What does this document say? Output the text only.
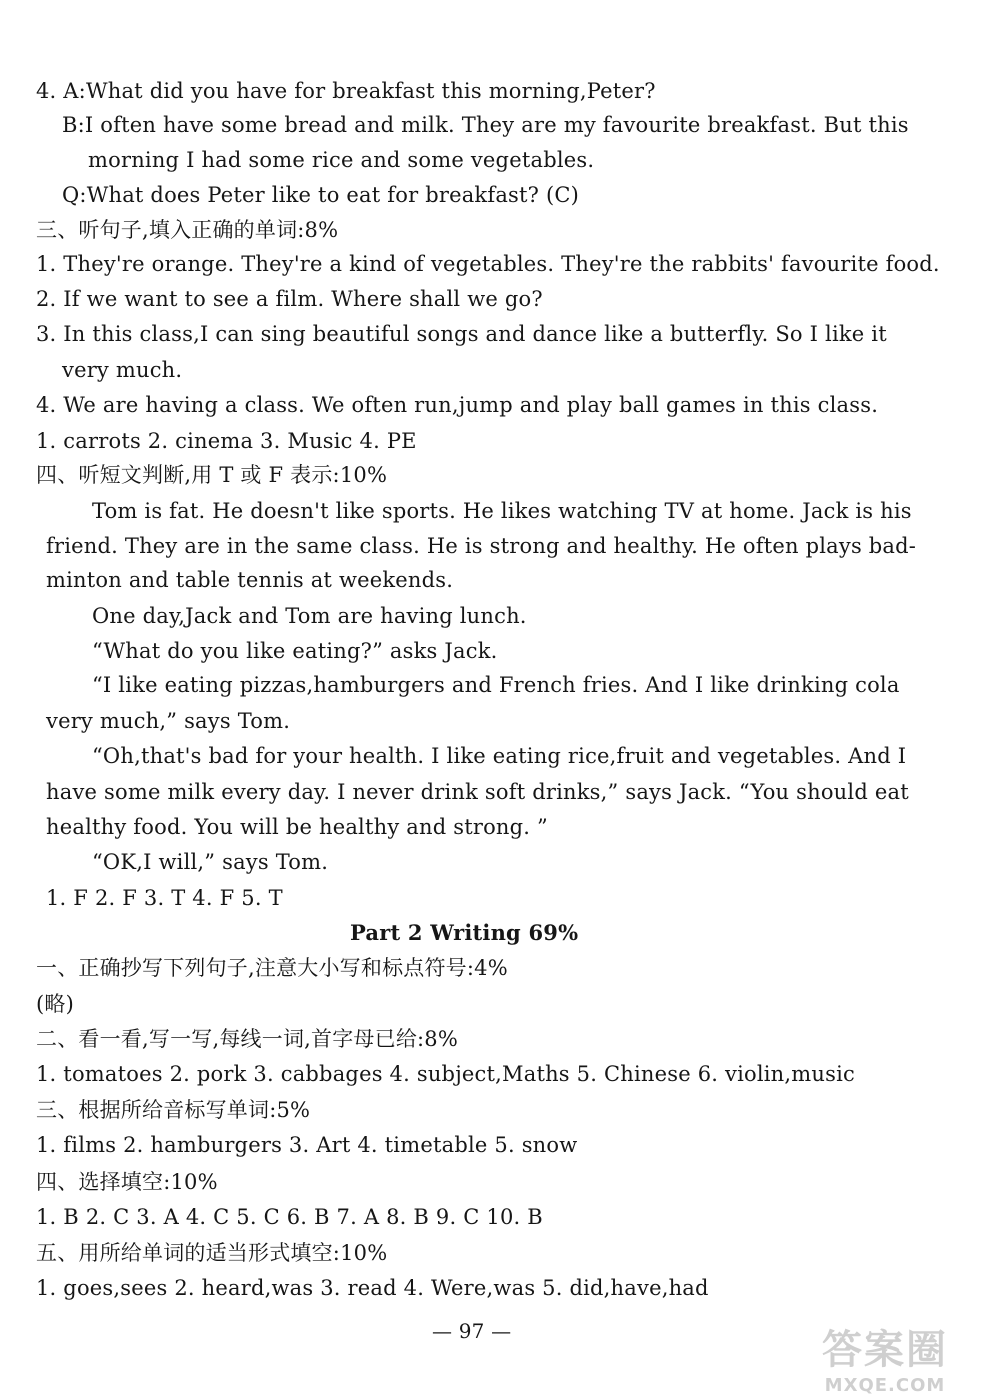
4. A:What did you have for breakfast this morning,Peter?
B:I often have some bread and milk. They are my favourite breakfast. But this
morning I had some rice and some vegetables.
Q:What does Peter like to eat for breakfast? (C)
三、听句子,填入正确的单词:8%
1. They're orange. They're a kind of vegetables. They're the rabbits' favourite food.
2. If we want to see a film. Where shall we go?
3. In this class,I can sing beautiful songs and dance like a butterfly. So I like it
very much.
4. We are having a class. We often run,jump and play ball games in this class.
1. carrots 2. cinema 3. Music 4. PE
四、听短文判断,用 T 或 F 表示:10%
Tom is fat. He doesn't like sports. He likes watching TV at home. Jack is his
friend. They are in the same class. He is strong and healthy. He often plays bad-
minton and table tennis at weekends.
One day,Jack and Tom are having lunch.
“What do you like eating?” asks Jack.
“I like eating pizzas,hamburgers and French fries. And I like drinking cola
very much,” says Tom.
“Oh,that's bad for your health. I like eating rice,fruit and vegetables. And I
have some milk every day. I never drink soft drinks,” says Jack. “You should eat
healthy food. You will be healthy and strong. ”
“OK,I will,” says Tom.
1. F 2. F 3. T 4. F 5. T
Part 2 Writing 69%
一、正确抄写下列句子,注意大小写和标点符号:4%
(略)
二、看一看,写一写,每线一词,首字母已给:8%
1. tomatoes 2. pork 3. cabbages 4. subject,Maths 5. Chinese 6. violin,music
三、根据所给音标写单词:5%
1. films 2. hamburgers 3. Art 4. timetable 5. snow
四、选择填空:10%
1. B 2. C 3. A 4. C 5. C 6. B 7. A 8. B 9. C 10. B
五、用所给单词的适当形式填空:10%
1. goes,sees 2. heard,was 3. read 4. Were,was 5. did,have,had
— 97 —	答案圈
MXQE.COM
